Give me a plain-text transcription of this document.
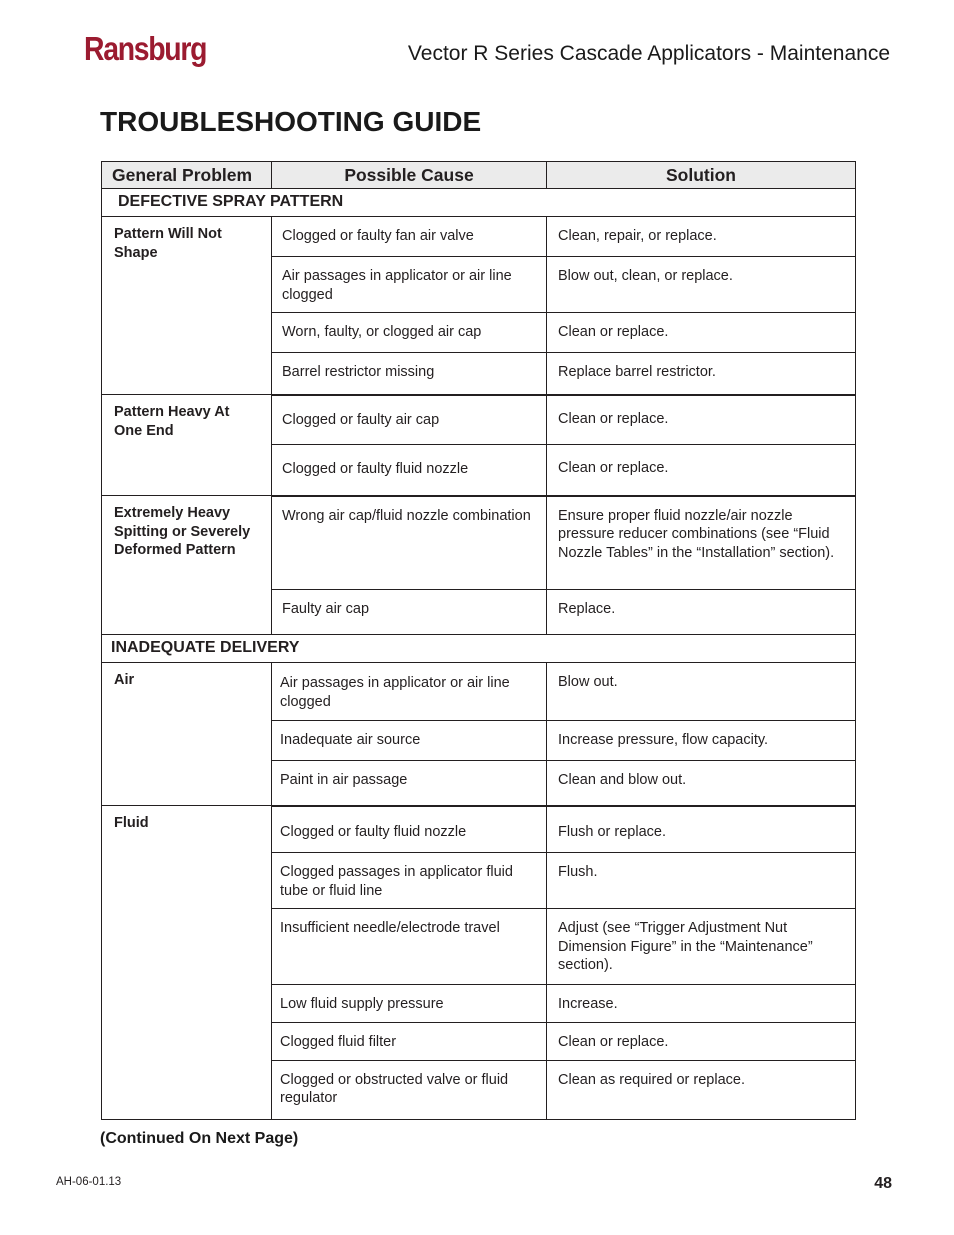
Ransburg	Vector R Series Cascade Applicators - Maintenance
TROUBLESHOOTING GUIDE
General Problem	Possible Cause	Solution
DEFECTIVE SPRAY PATTERN		
Pattern Will Not Shape	Clogged or faulty fan air valve	Clean, repair, or replace.
	Air passages in applicator or air line clogged	Blow out, clean, or replace.
	Worn, faulty, or clogged air cap	Clean or replace.
	Barrel restrictor missing	Replace barrel restrictor.
Pattern Heavy At One End	Clogged or faulty air cap	Clean or replace.
	Clogged or faulty fluid nozzle	Clean or replace.
Extremely Heavy Spitting or Severely Deformed Pattern	Wrong air cap/fluid nozzle combination	Ensure proper fluid nozzle/air nozzle pressure reducer combinations (see “Fluid Nozzle Tables” in the “Installation” section).
	Faulty air cap	Replace.
INADEQUATE DELIVERY		
Air	Air passages in applicator or air line clogged	Blow out.
	Inadequate air source	Increase pressure, flow capacity.
	Paint in air passage	Clean and blow out.
Fluid	Clogged or faulty fluid nozzle	Flush or replace.
	Clogged passages in applicator fluid tube or fluid line	Flush.
	Insufficient needle/electrode travel	Adjust (see “Trigger Adjustment Nut Dimension Figure” in the “Maintenance” section).
	Low fluid supply pressure	Increase.
	Clogged fluid filter	Clean or replace.
	Clogged or obstructed valve or fluid regulator	Clean as required or replace.
(Continued On Next Page)
AH-06-01.13	48
